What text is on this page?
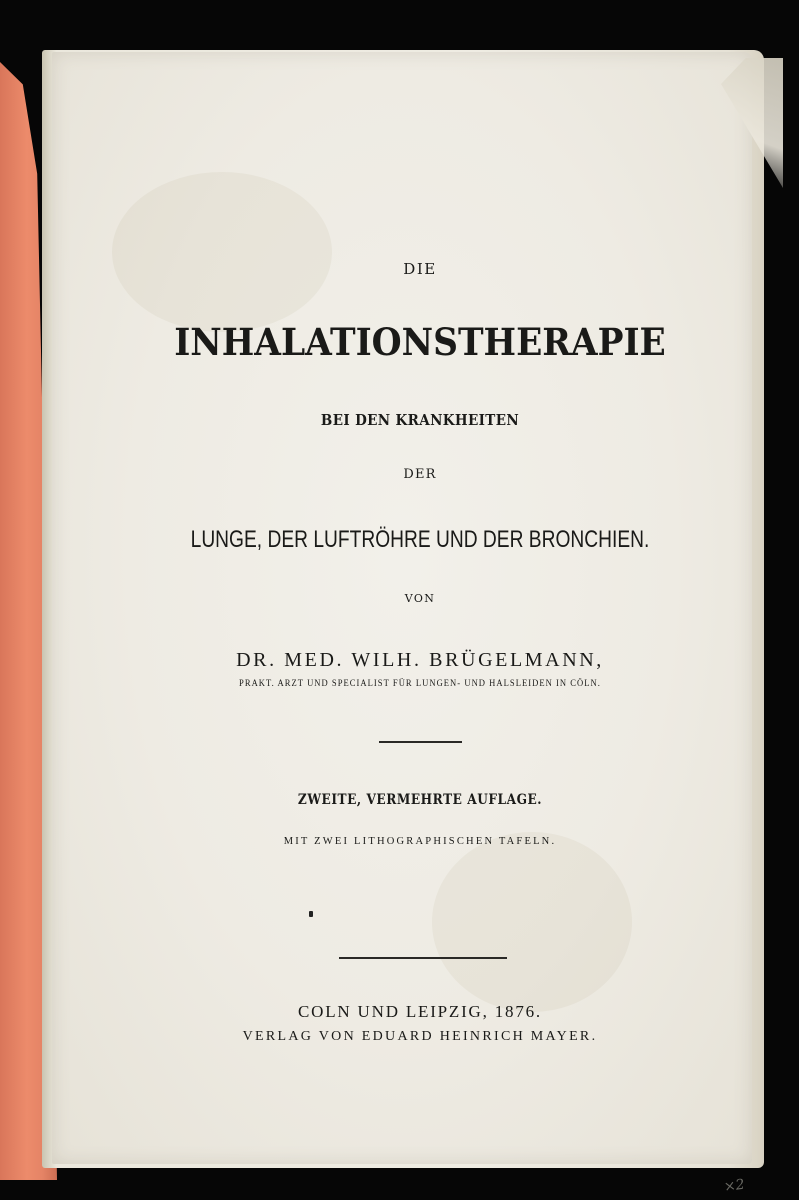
DIE
INHALATIONSTHERAPIE
BEI DEN KRANKHEITEN
DER
LUNGE, DER LUFTRÖHRE UND DER BRONCHIEN.
VON
DR. MED. WILH. BRÜGELMANN,
PRAKT. ARZT UND SPECIALIST FÜR LUNGEN- UND HALSLEIDEN IN CÖLN.
ZWEITE, VERMEHRTE AUFLAGE.
MIT ZWEI LITHOGRAPHISCHEN TAFELN.
COLN UND LEIPZIG, 1876.
VERLAG VON EDUARD HEINRICH MAYER.
×2
